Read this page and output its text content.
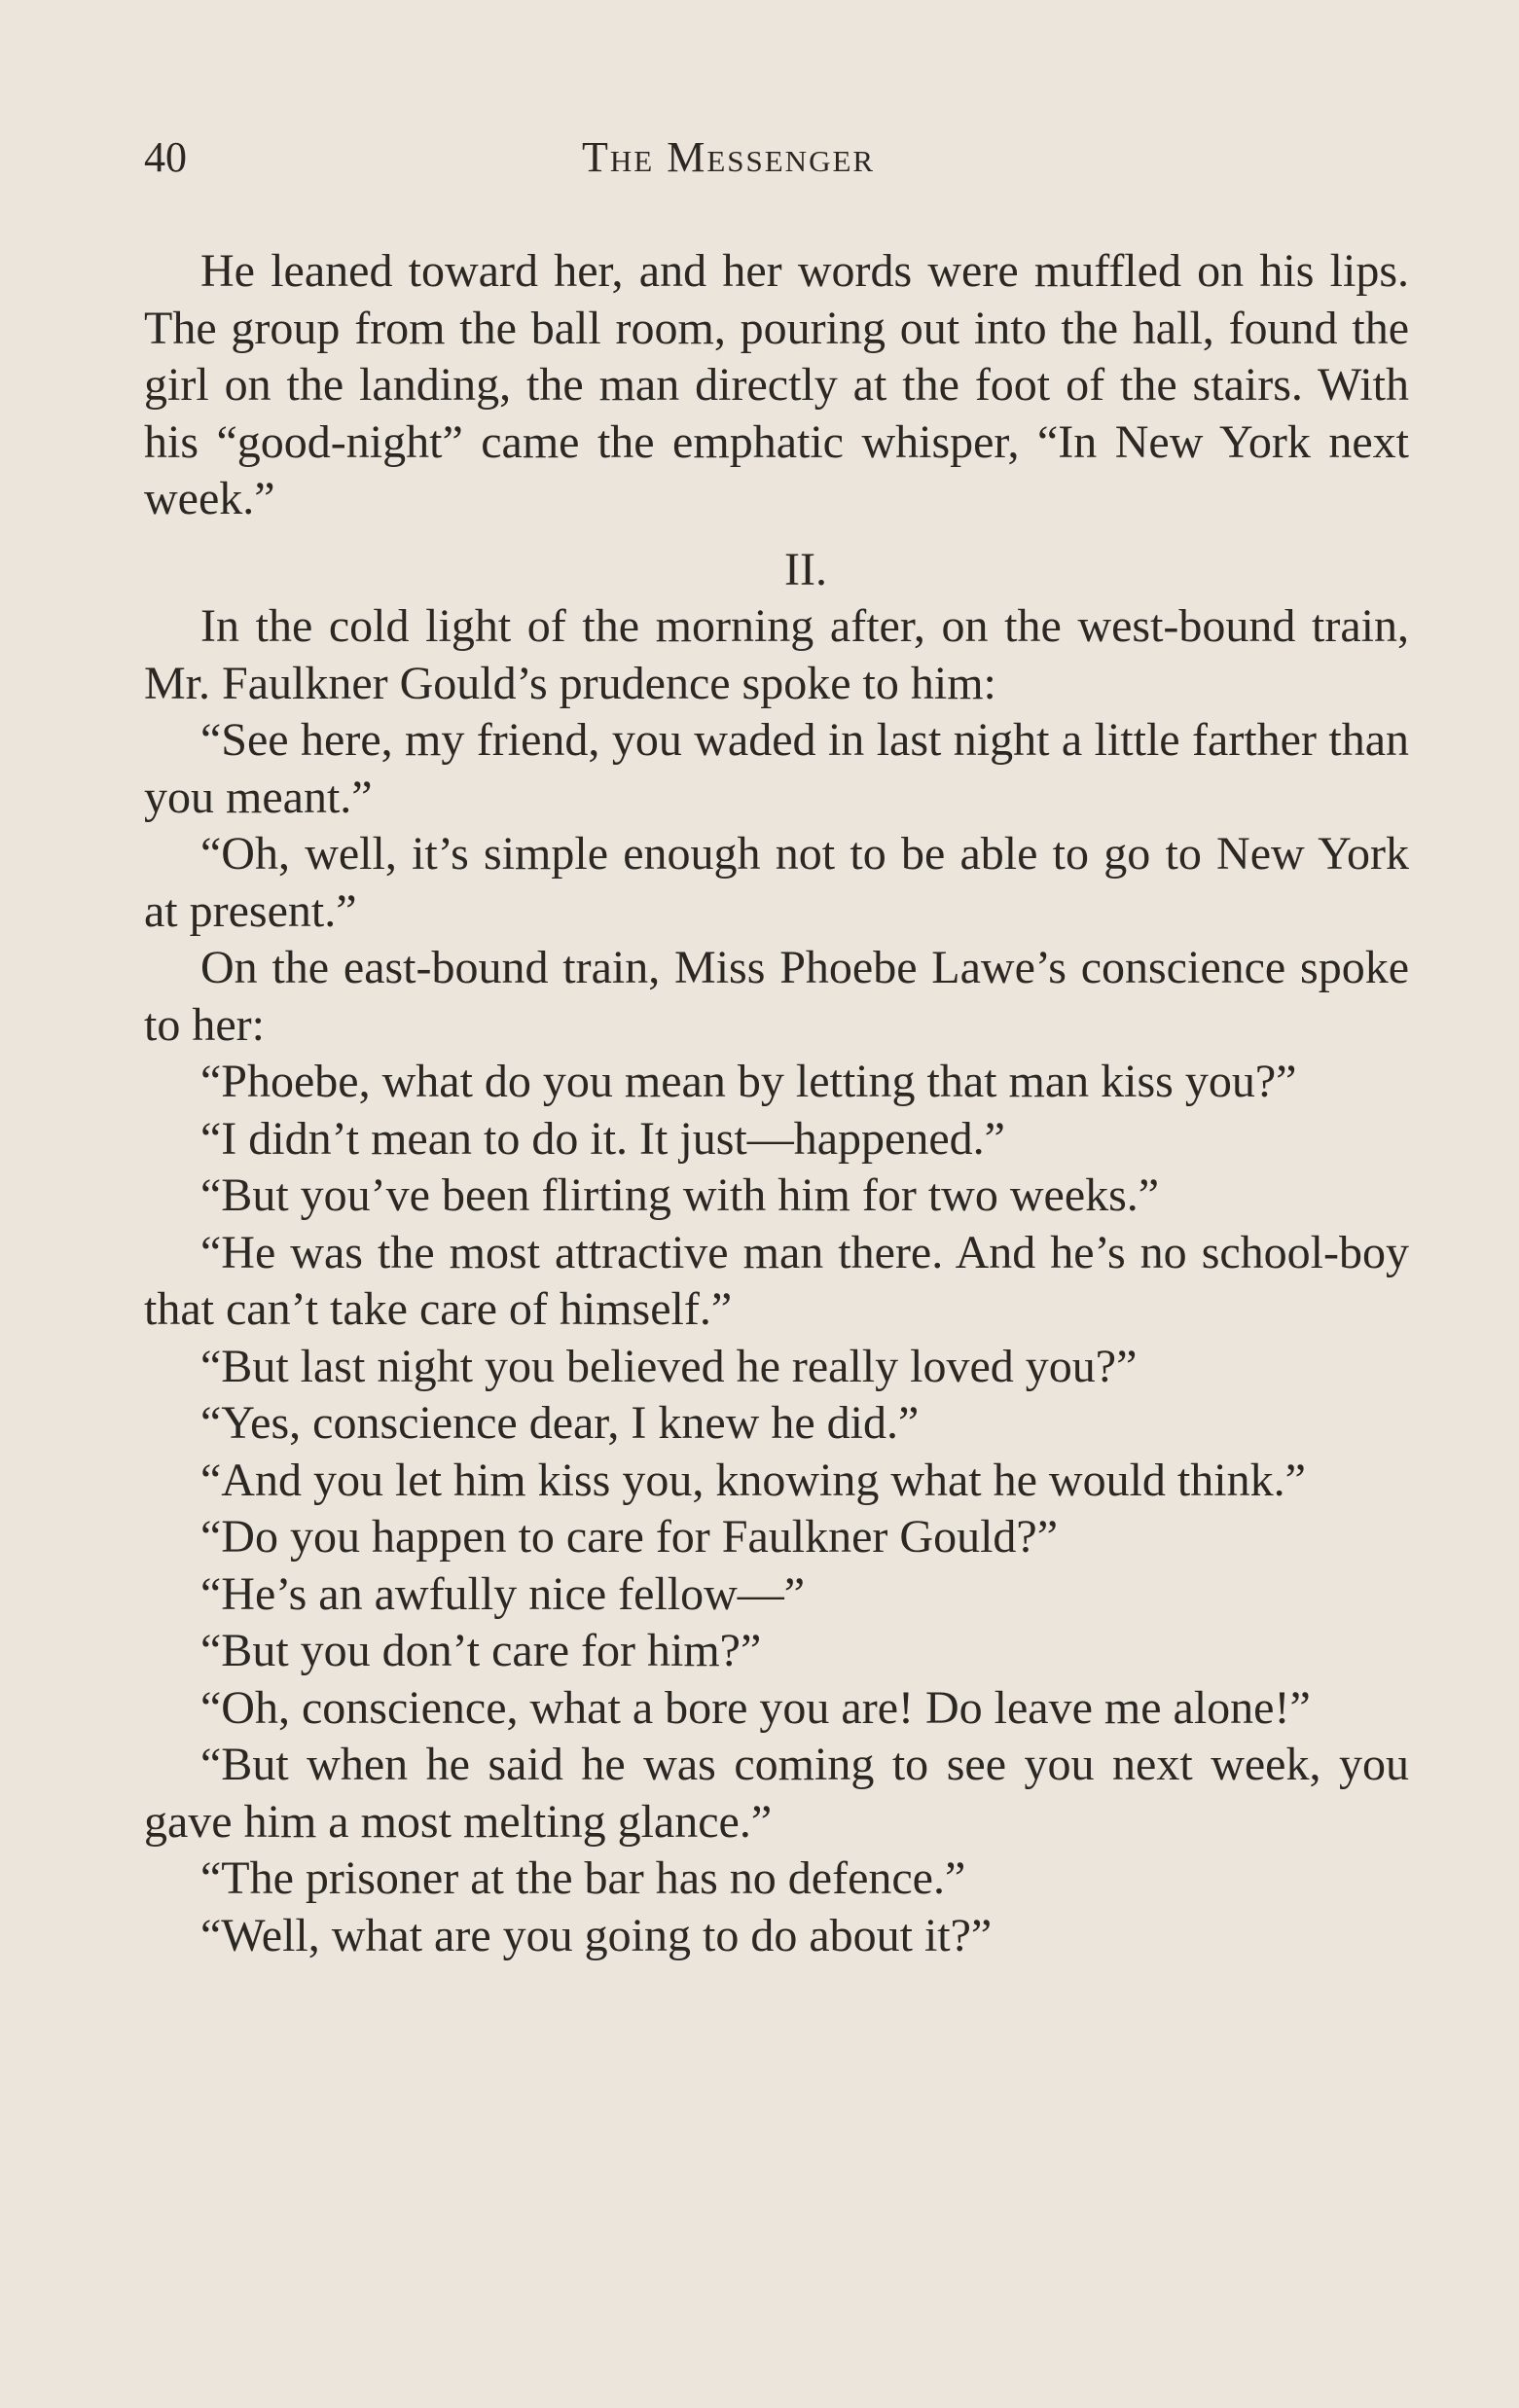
40	The Messenger

He leaned toward her, and her words were muffled on his lips. The group from the ball room, pouring out into the hall, found the girl on the landing, the man directly at the foot of the stairs. With his “good-night” came the emphatic whisper, “In New York next week.”

II.

In the cold light of the morning after, on the west-bound train, Mr. Faulkner Gould’s prudence spoke to him:

“See here, my friend, you waded in last night a little farther than you meant.”

“Oh, well, it’s simple enough not to be able to go to New York at present.”

On the east-bound train, Miss Phoebe Lawe’s conscience spoke to her:

“Phoebe, what do you mean by letting that man kiss you?”

“I didn’t mean to do it. It just—happened.”

“But you’ve been flirting with him for two weeks.”

“He was the most attractive man there. And he’s no school-boy that can’t take care of himself.”

“But last night you believed he really loved you?”

“Yes, conscience dear, I knew he did.”

“And you let him kiss you, knowing what he would think.”

“Do you happen to care for Faulkner Gould?”

“He’s an awfully nice fellow—”

“But you don’t care for him?”

“Oh, conscience, what a bore you are! Do leave me alone!”

“But when he said he was coming to see you next week, you gave him a most melting glance.”

“The prisoner at the bar has no defence.”

“Well, what are you going to do about it?”
